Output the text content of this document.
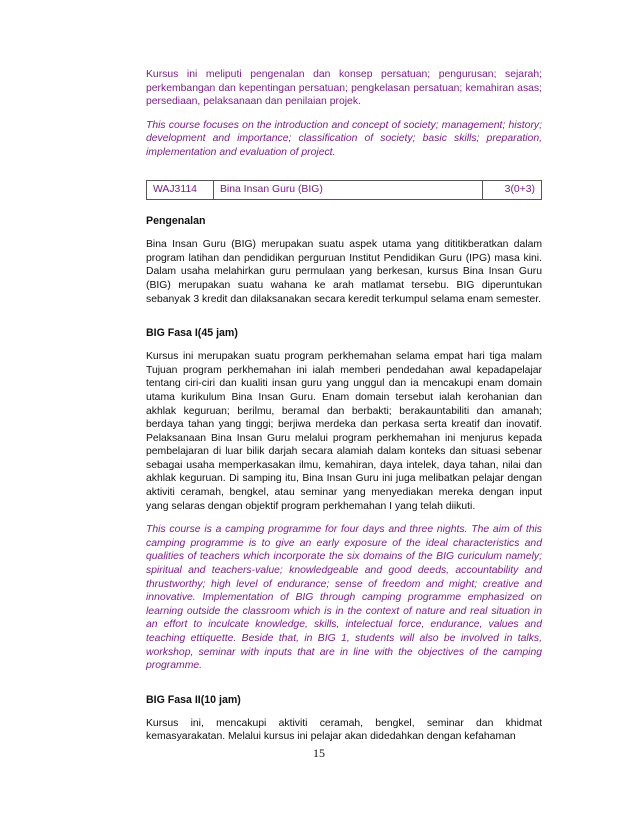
Kursus ini meliputi pengenalan dan konsep persatuan; pengurusan; sejarah; perkembangan dan kepentingan persatuan; pengkelasan persatuan; kemahiran asas; persediaan, pelaksanaan dan penilaian projek.

This course focuses on the introduction and concept of society; management; history; development and importance; classification of society; basic skills; preparation, implementation and evaluation of project.

WAJ3114	Bina Insan Guru (BIG)	3(0+3)
Pengenalan

Bina Insan Guru (BIG) merupakan suatu aspek utama yang dititikberatkan dalam program latihan dan pendidikan perguruan Institut Pendidikan Guru (IPG) masa kini. Dalam usaha melahirkan guru permulaan yang berkesan, kursus Bina Insan Guru (BIG) merupakan suatu wahana ke arah matlamat tersebu. BIG diperuntukan sebanyak 3 kredit dan dilaksanakan secara keredit terkumpul selama enam semester.

BIG Fasa I(45 jam)

Kursus ini merupakan suatu program perkhemahan selama empat hari tiga malam Tujuan program perkhemahan ini ialah memberi pendedahan awal kepadapelajar tentang ciri-ciri dan kualiti insan guru yang unggul dan ia mencakupi enam domain utama kurikulum Bina Insan Guru. Enam domain tersebut ialah kerohanian dan akhlak keguruan; berilmu, beramal dan berbakti; berakauntabiliti dan amanah; berdaya tahan yang tinggi; berjiwa merdeka dan perkasa serta kreatif dan inovatif. Pelaksanaan Bina Insan Guru melalui program perkhemahan ini menjurus kepada pembelajaran di luar bilik darjah secara alamiah dalam konteks dan situasi sebenar sebagai usaha memperkasakan ilmu, kemahiran, daya intelek, daya tahan, nilai dan akhlak keguruan. Di samping itu, Bina Insan Guru ini juga melibatkan pelajar dengan aktiviti ceramah, bengkel, atau seminar yang menyediakan mereka dengan input yang selaras dengan objektif program perkhemahan I yang telah diikuti.

This course is a camping programme for four days and three nights. The aim of this camping programme is to give an early exposure of the ideal characteristics and qualities of teachers which incorporate the six domains of the BIG curiculum namely; spiritual and teachers-value; knowledgeable and good deeds, accountability and thrustworthy; high level of endurance; sense of freedom and might; creative and innovative. Implementation of BIG through camping programme emphasized on learning outside the classroom which is in the context of nature and real situation in an effort to inculcate knowledge, skills, intelectual force, endurance, values and teaching ettiquette. Beside that, in BIG 1, students will also be involved in talks, workshop, seminar with inputs that are in line with the objectives of the camping programme.

BIG Fasa II(10 jam)

Kursus ini, mencakupi aktiviti ceramah, bengkel, seminar dan khidmat kemasyarakatan. Melalui kursus ini pelajar akan didedahkan dengan kefahaman

15
